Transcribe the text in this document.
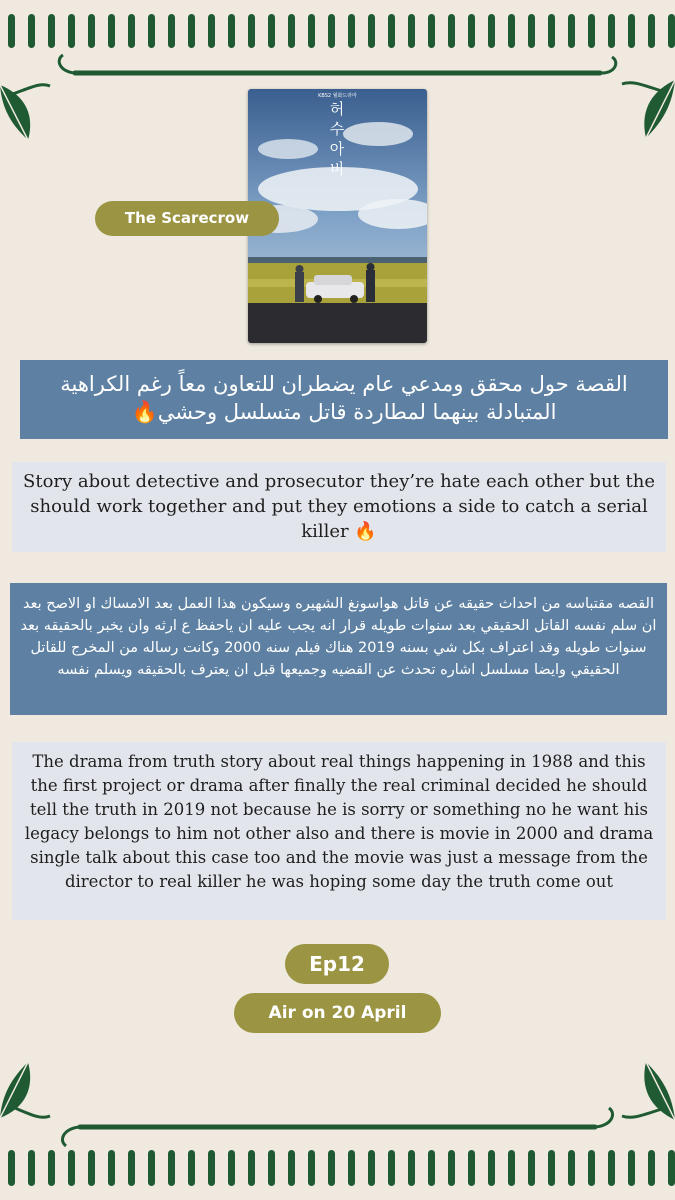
KBS2 월화드라마
허
수
아
비
The Scarecrow
القصة حول محقق ومدعي عام يضطران للتعاون معاً رغم الكراهية المتبادلة بينهما لمطاردة قاتل متسلسل وحشي🔥
Story about detective and prosecutor they’re hate each other but the should work together and put they emotions a side to catch a serial killer 🔥
القصه مقتباسه من احداث حقيقه عن قاتل هواسونغ الشهيره وسيكون هذا العمل بعد الامساك او الاصح بعد ان سلم نفسه القاتل الحقيقي بعد سنوات طويله قرار انه يجب عليه ان ياحفظ ع ارثه وان يخبر بالحقيقه بعد سنوات طويله وقد اعتراف بكل شي بسنه 2019 هناك فيلم سنه 2000 وكانت رساله من المخرج للقاتل الحقيقي وايضا مسلسل اشاره تحدث عن القضيه وجميعها قبل ان يعترف بالحقيقه ويسلم نفسه
The drama from truth story about real things happening in 1988 and this the first project or drama after finally the real criminal decided he should tell the truth in 2019 not because he is sorry or something no he want his legacy belongs to him not other also and there is movie in 2000 and drama single talk about this case too and the movie was just a message from the director to real killer he was hoping some day the truth come out
Ep12
Air on 20 April
